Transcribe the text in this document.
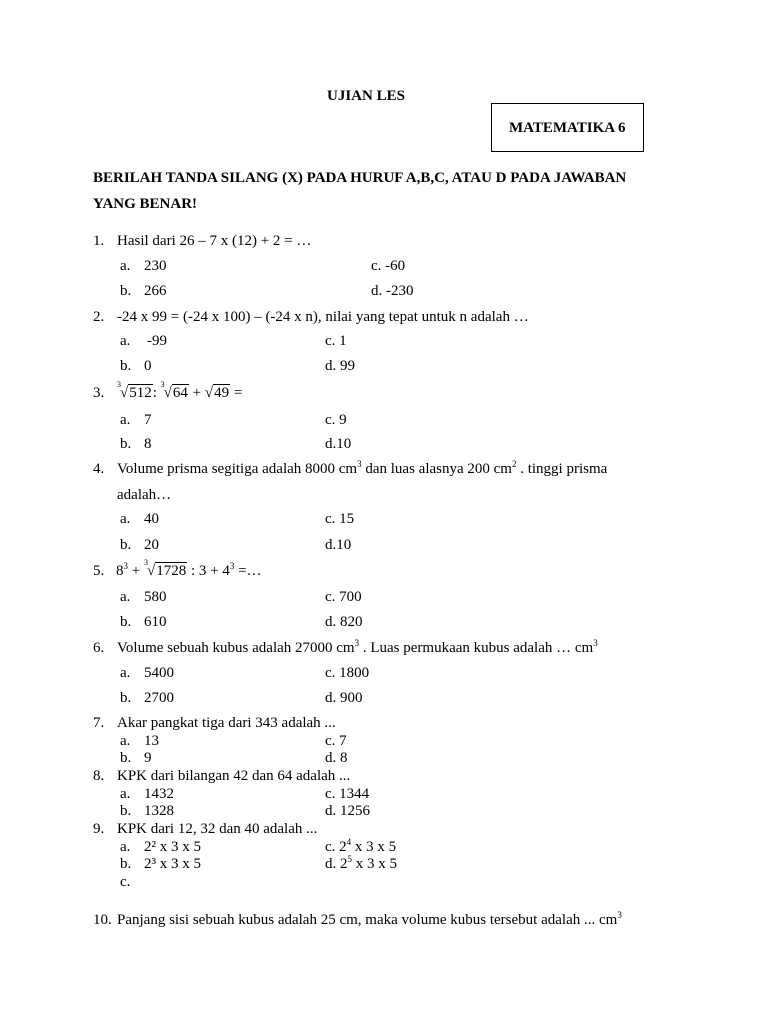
UJIAN LES
MATEMATIKA 6
BERILAH TANDA SILANG (X) PADA HURUF A,B,C, ATAU D PADA JAWABAN
YANG BENAR!
1. Hasil dari 26 – 7 x (12) + 2 = …
a. 230	c. -60
b. 266	d. -230
2. -24 x 99 = (-24 x 100) – (-24 x n), nilai yang tepat untuk n adalah …
a. -99	c. 1
b. 0	d. 99
3.
3
√512:
3
√64 + √49 =
a. 7	c. 9
b. 8	d.10
4. Volume prisma segitiga adalah 8000 $cm^3$ dan luas alasnya 200 $cm^2$ . tinggi prisma
adalah…
a. 40	c. 15
b. 20	d.10
5. $8^3$ +
3
√1728 : $3 + 4^3$ =…
a. 580	c. 700
b. 610	d. 820
6. Volume sebuah kubus adalah 27000 $cm^3$ . Luas permukaan kubus adalah … $cm^3$
a. 5400	c. 1800
b. 2700	d. 900
7. Akar pangkat tiga dari 343 adalah ...
a. 13	c. 7
b. 9	d. 8
8. KPK dari bilangan 42 dan 64 adalah ...
a. 1432	c. 1344
b. 1328	d. 1256
9. KPK dari 12, 32 dan 40 adalah ...
a. 2² x 3 x 5	c. $2^4$ x 3 x 5
b. 2³ x 3 x 5	d. $2^5$ x 3 x 5
c.
10. Panjang sisi sebuah kubus adalah 25 cm, maka volume kubus tersebut adalah ... $cm^3$
